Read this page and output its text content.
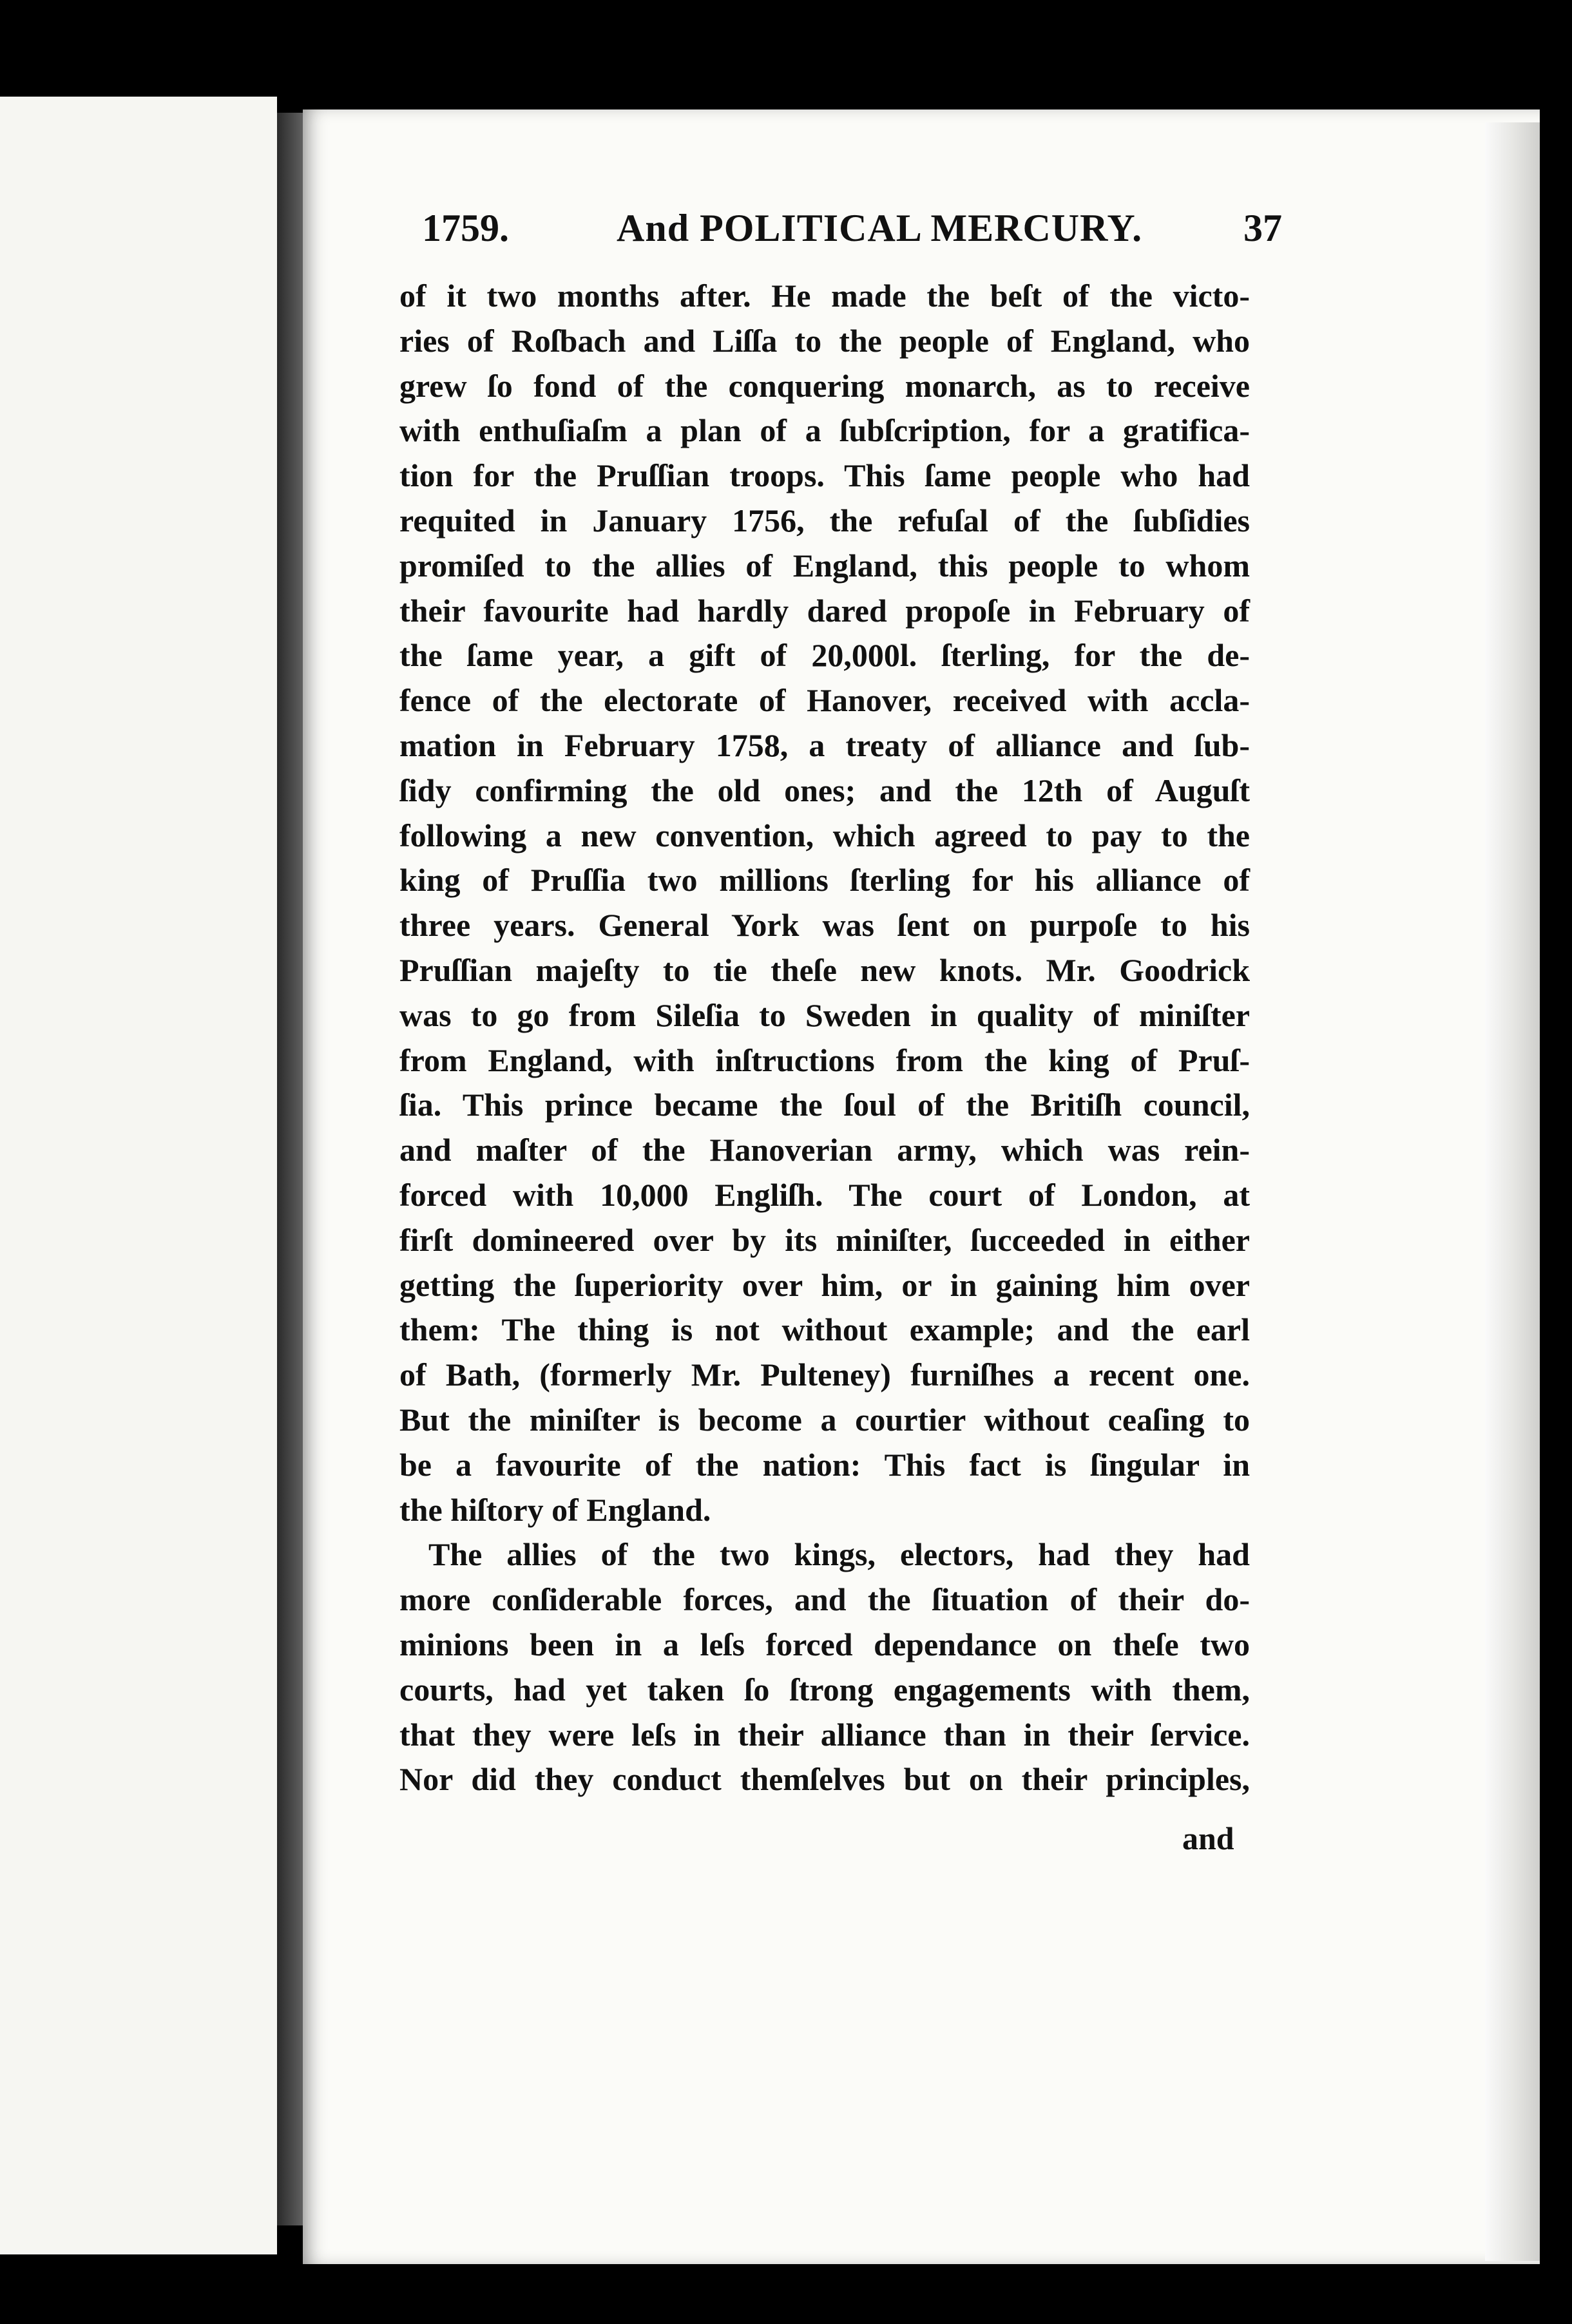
1759.	And POLITICAL MERCURY.	37
of it two months after. He made the beſt of the victo-
ries of Roſbach and Liſſa to the people of England, who
grew ſo fond of the conquering monarch, as to receive
with enthuſiaſm a plan of a ſubſcription, for a gratifica-
tion for the Pruſſian troops. This ſame people who had
requited in January 1756, the refuſal of the ſubſidies
promiſed to the allies of England, this people to whom
their favourite had hardly dared propoſe in February of
the ſame year, a gift of 20,000l. ſterling, for the de-
fence of the electorate of Hanover, received with accla-
mation in February 1758, a treaty of alliance and ſub-
ſidy confirming the old ones; and the 12th of Auguſt
following a new convention, which agreed to pay to the
king of Pruſſia two millions ſterling for his alliance of
three years. General York was ſent on purpoſe to his
Pruſſian majeſty to tie theſe new knots. Mr. Goodrick
was to go from Sileſia to Sweden in quality of miniſter
from England, with inſtructions from the king of Pruſ-
ſia. This prince became the ſoul of the Britiſh council,
and maſter of the Hanoverian army, which was rein-
forced with 10,000 Engliſh. The court of London, at
firſt domineered over by its miniſter, ſucceeded in either
getting the ſuperiority over him, or in gaining him over
them: The thing is not without example; and the earl
of Bath, (formerly Mr. Pulteney) furniſhes a recent one.
But the miniſter is become a courtier without ceaſing to
be a favourite of the nation: This fact is ſingular in
the hiſtory of England.
The allies of the two kings, electors, had they had
more conſiderable forces, and the ſituation of their do-
minions been in a leſs forced dependance on theſe two
courts, had yet taken ſo ſtrong engagements with them,
that they were leſs in their alliance than in their ſervice.
Nor did they conduct themſelves but on their principles,
and
